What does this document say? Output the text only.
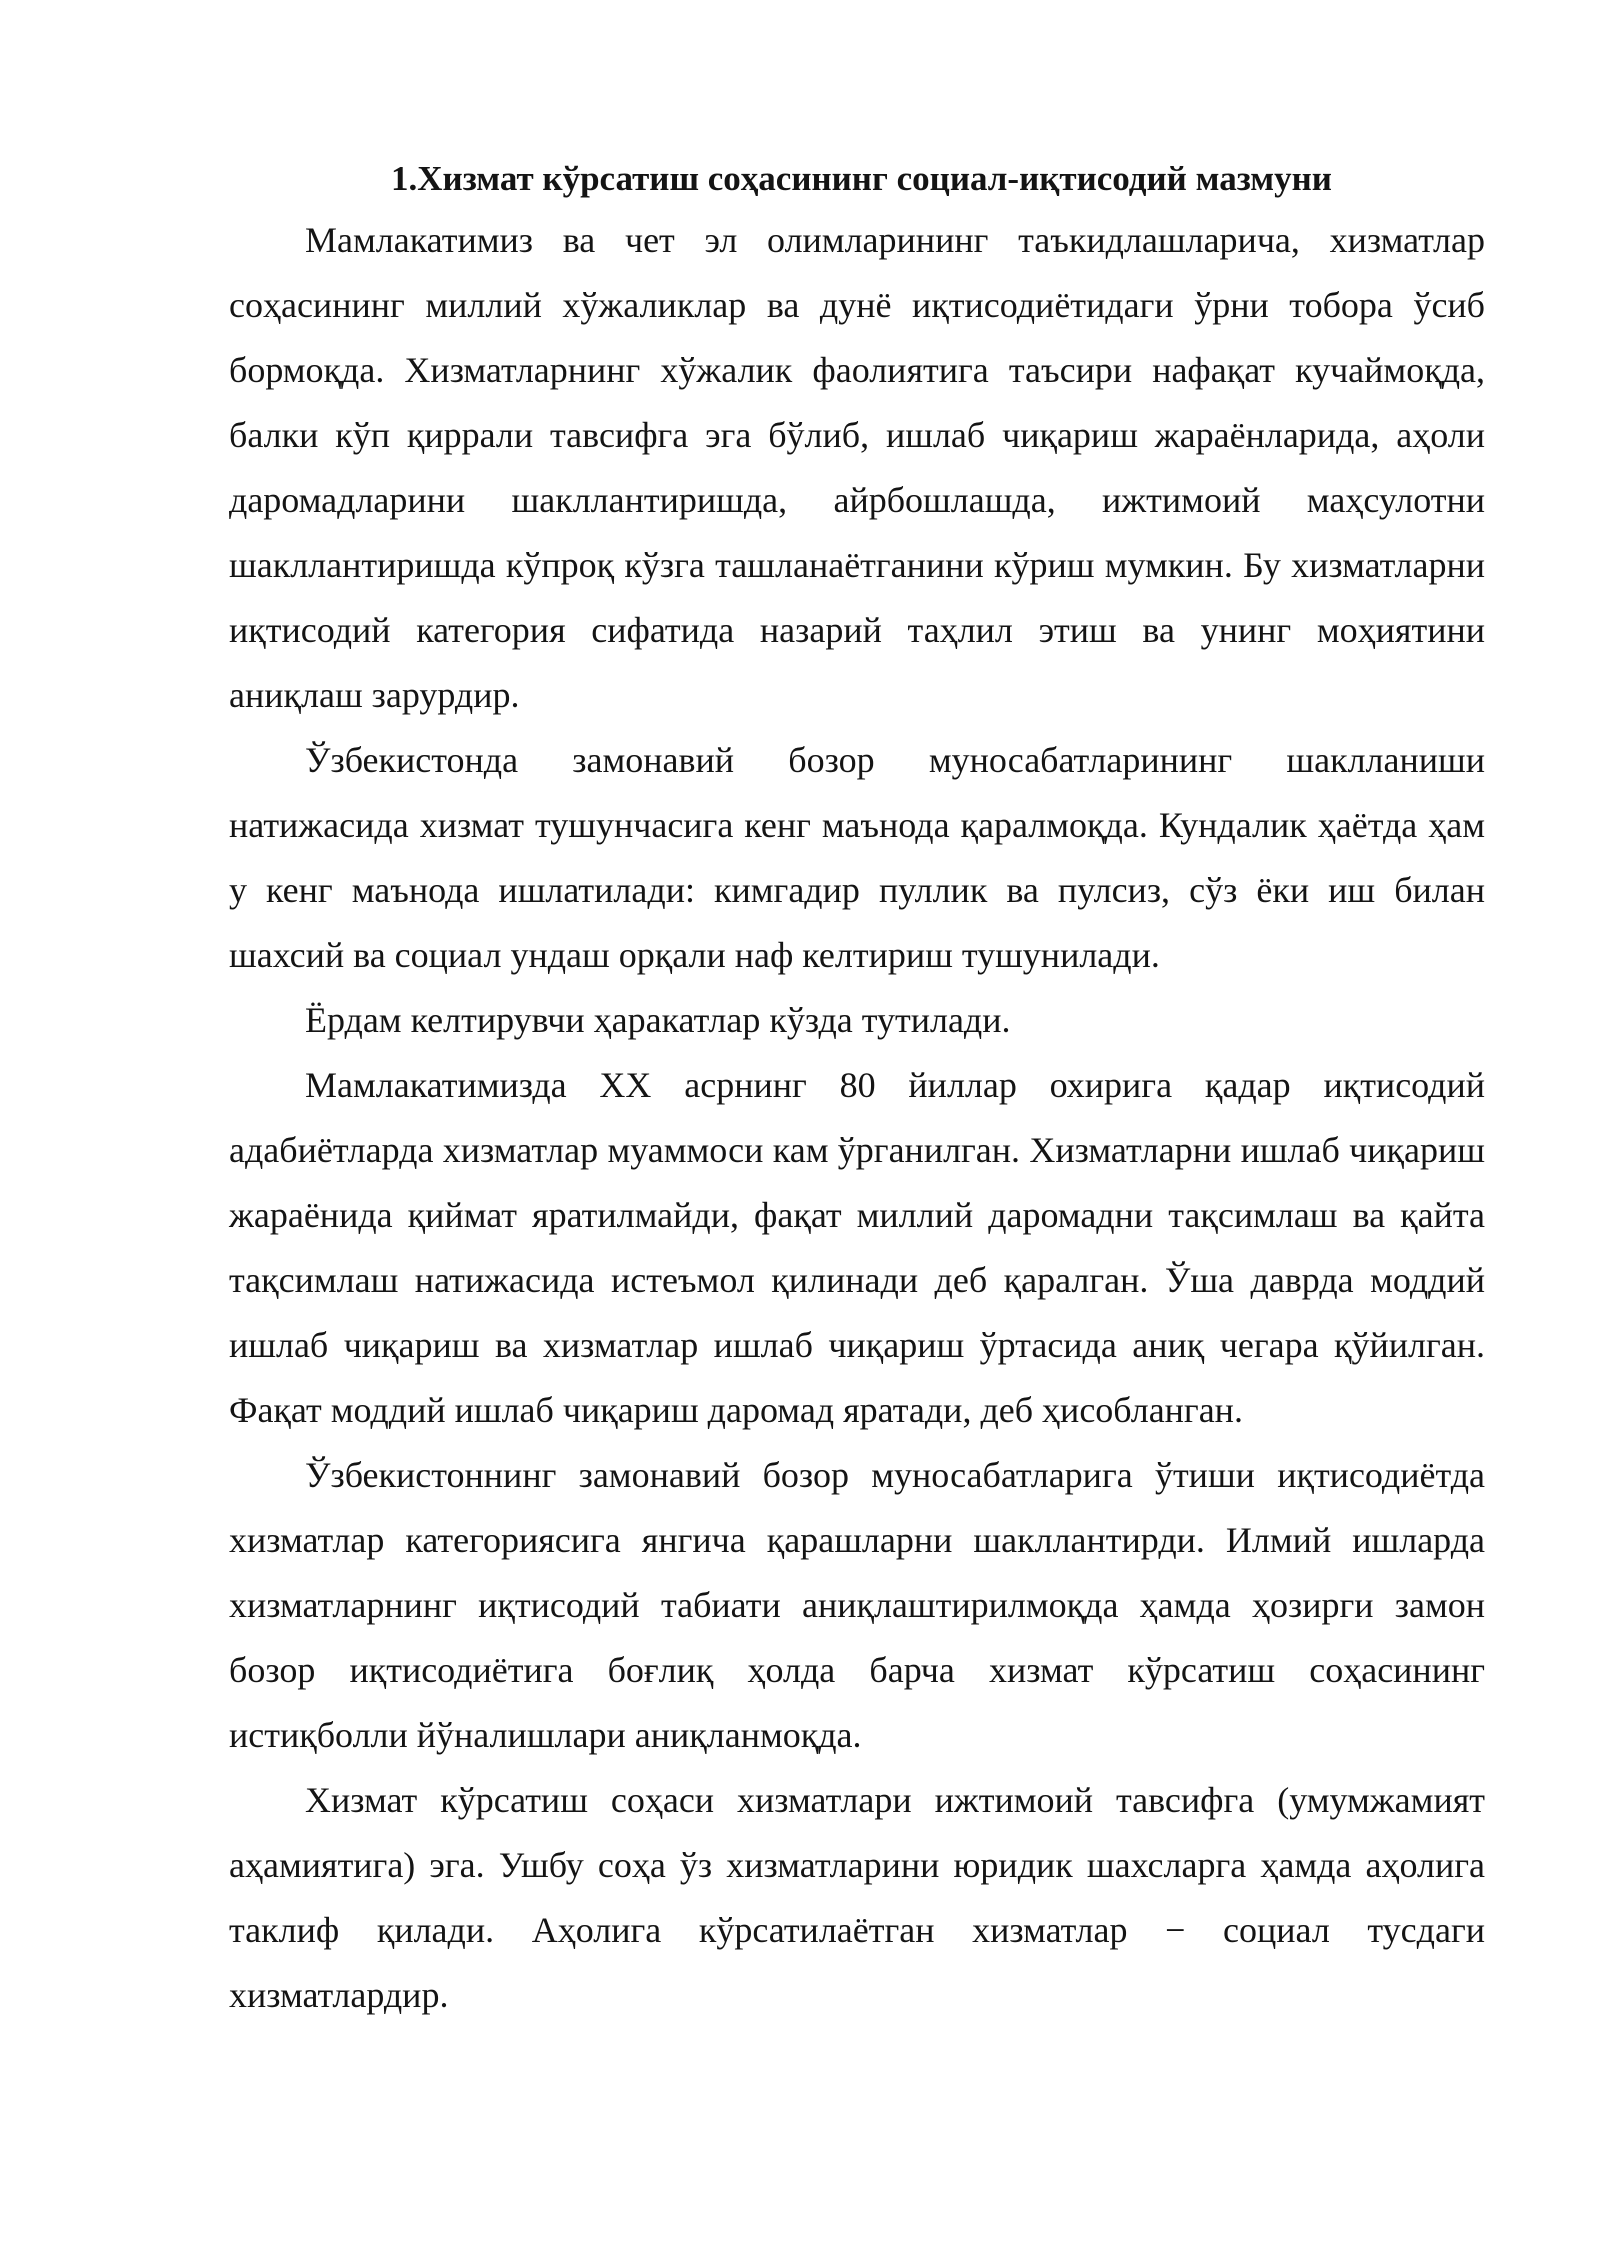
1.Хизмат кўрсатиш соҳасининг социал-иқтисодий мазмуни

Мамлакатимиз ва чет эл олимларининг таъкидлашларича, хизматлар соҳасининг миллий хўжаликлар ва дунё иқтисодиётидаги ўрни тобора ўсиб бормоқда. Хизматларнинг хўжалик фаолиятига таъсири нафақат кучаймоқда, балки кўп қиррали тавсифга эга бўлиб, ишлаб чиқариш жараёнларида, аҳоли даромадларини шакллантиришда, айрбошлашда, ижтимоий маҳсулотни шакллантиришда кўпроқ кўзга ташланаётганини кўриш мумкин. Бу хизматларни иқтисодий категория сифатида назарий таҳлил этиш ва унинг моҳиятини аниқлаш зарурдир.

Ўзбекистонда замонавий бозор муносабатларининг шаклланиши натижасида хизмат тушунчасига кенг маънода қаралмоқда. Кундалик ҳаётда ҳам у кенг маънода ишлатилади: кимгадир пуллик ва пулсиз, сўз ёки иш билан шахсий ва социал ундаш орқали наф келтириш тушунилади.

Ёрдам келтирувчи ҳаракатлар кўзда тутилади.

Мамлакатимизда XX асрнинг 80 йиллар охирига қадар иқтисодий адабиётларда хизматлар муаммоси кам ўрганилган. Хизматларни ишлаб чиқариш жараёнида қиймат яратилмайди, фақат миллий даромадни тақсимлаш ва қайта тақсимлаш натижасида истеъмол қилинади деб қаралган. Ўша даврда моддий ишлаб чиқариш ва хизматлар ишлаб чиқариш ўртасида аниқ чегара қўйилган. Фақат моддий ишлаб чиқариш даромад яратади, деб ҳисобланган.

Ўзбекистоннинг замонавий бозор муносабатларига ўтиши иқтисодиётда хизматлар категориясига янгича қарашларни шакллантирди. Илмий ишларда хизматларнинг иқтисодий табиати аниқлаштирилмоқда ҳамда ҳозирги замон бозор иқтисодиётига боғлиқ ҳолда барча хизмат кўрсатиш соҳасининг истиқболли йўналишлари аниқланмоқда.

Хизмат кўрсатиш соҳаси хизматлари ижтимоий тавсифга (умумжамият аҳамиятига) эга. Ушбу соҳа ўз хизматларини юридик шахсларга ҳамда аҳолига таклиф қилади. Аҳолига кўрсатилаётган хизматлар − социал тусдаги хизматлардир.
